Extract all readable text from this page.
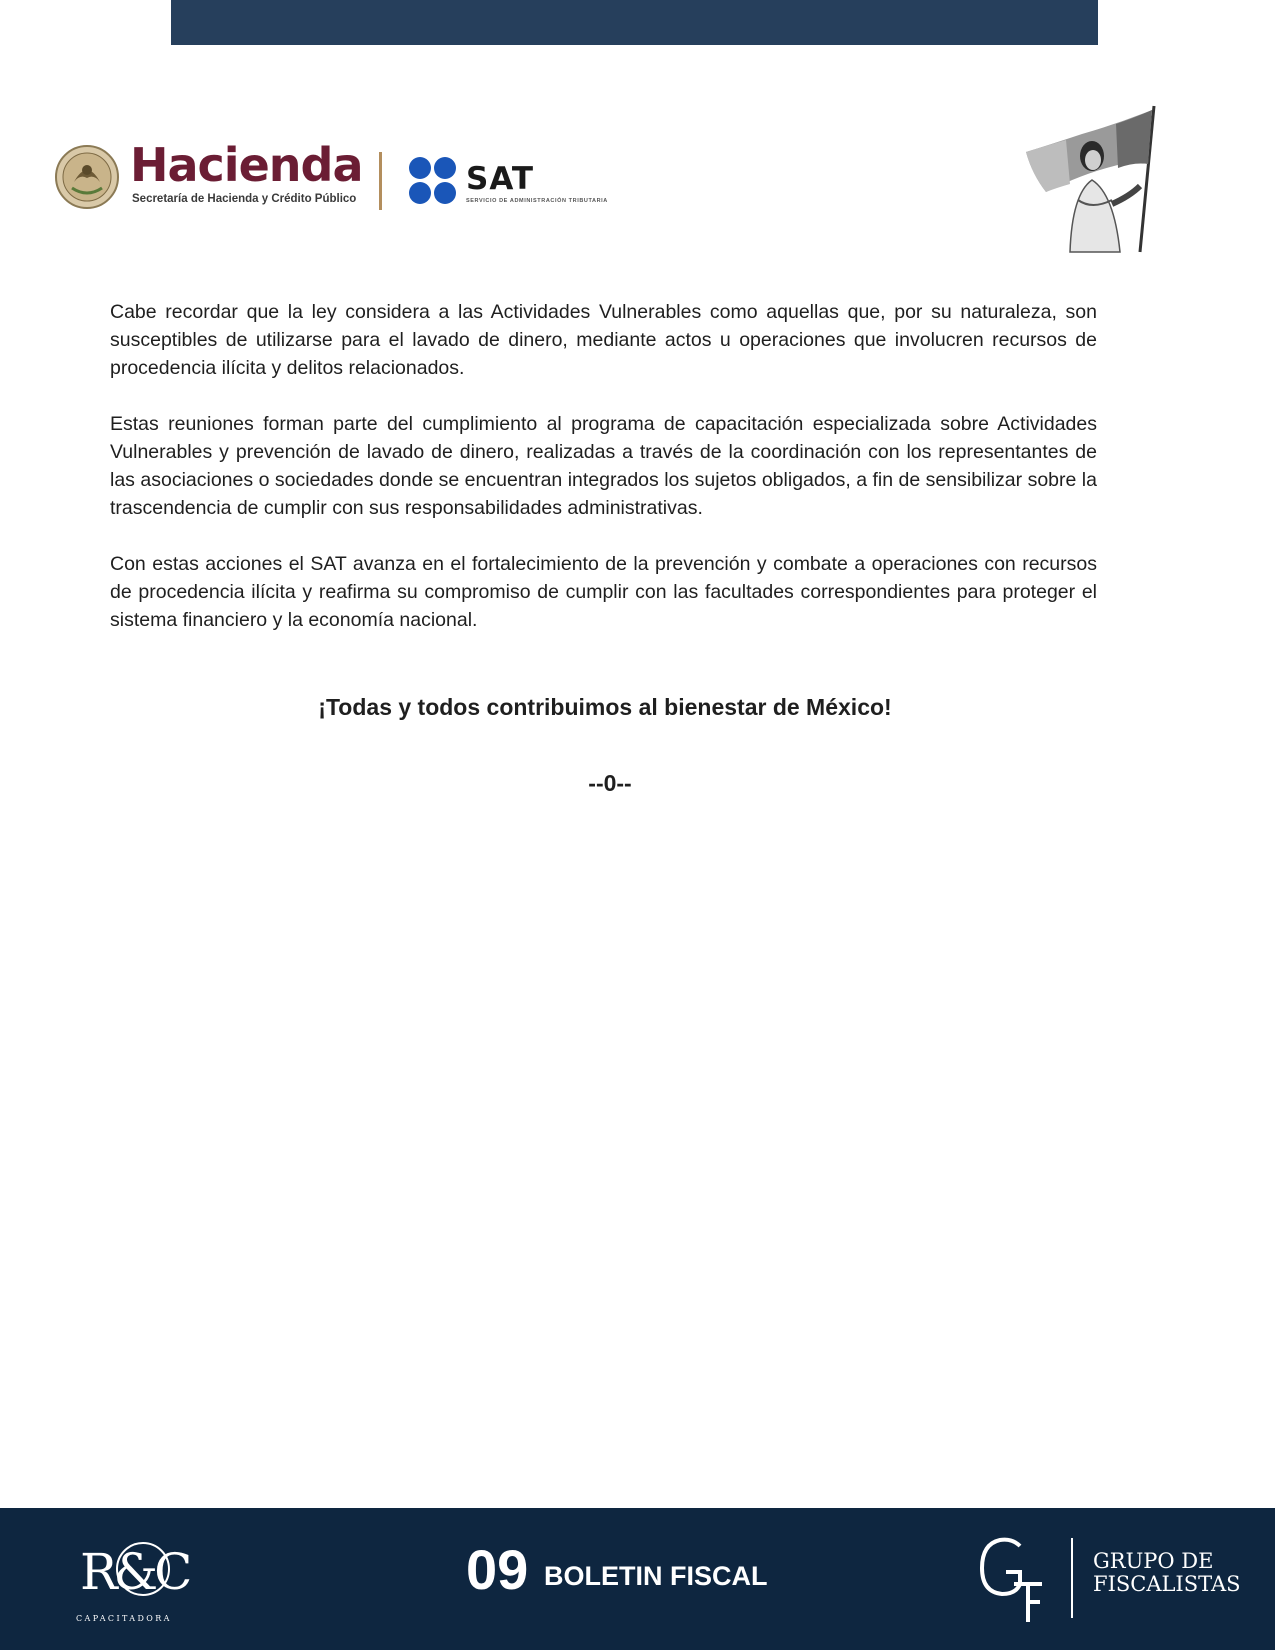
Hacienda
Secretaría de Hacienda y Crédito Público
SAT
SERVICIO DE ADMINISTRACIÓN TRIBUTARIA

Cabe recordar que la ley considera a las Actividades Vulnerables como aquellas que, por su naturaleza, son susceptibles de utilizarse para el lavado de dinero, mediante actos u operaciones que involucren recursos de procedencia ilícita y delitos relacionados.

Estas reuniones forman parte del cumplimiento al programa de capacitación especializada sobre Actividades Vulnerables y prevención de lavado de dinero, realizadas a través de la coordinación con los representantes de las asociaciones o sociedades donde se encuentran integrados los sujetos obligados, a fin de sensibilizar sobre la trascendencia de cumplir con sus responsabilidades administrativas.

Con estas acciones el SAT avanza en el fortalecimiento de la prevención y combate a operaciones con recursos de procedencia ilícita y reafirma su compromiso de cumplir con las facultades correspondientes para proteger el sistema financiero y la economía nacional.

¡Todas y todos contribuimos al bienestar de México!
--0--
R&C
CAPACITADORA
09 BOLETIN FISCAL	GRUPO DE
FISCALISTAS
